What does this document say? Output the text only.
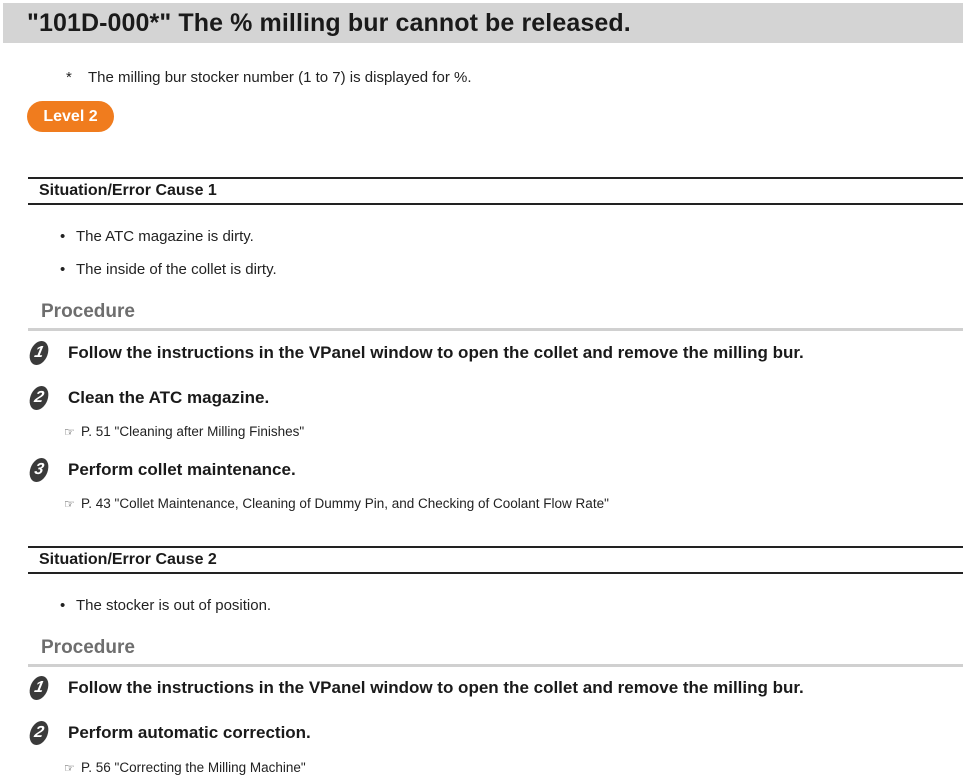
"101D-000*" The % milling bur cannot be released.
* The milling bur stocker number (1 to 7) is displayed for %.
Level 2
Situation/Error Cause 1
• The ATC magazine is dirty.
• The inside of the collet is dirty.
Procedure
1	Follow the instructions in the VPanel window to open the collet and remove the milling bur.
2	Clean the ATC magazine.
☞ P. 51 "Cleaning after Milling Finishes"
3	Perform collet maintenance.
☞ P. 43 "Collet Maintenance, Cleaning of Dummy Pin, and Checking of Coolant Flow Rate"
Situation/Error Cause 2
• The stocker is out of position.
Procedure
1	Follow the instructions in the VPanel window to open the collet and remove the milling bur.
2	Perform automatic correction.
☞ P. 56 "Correcting the Milling Machine"
